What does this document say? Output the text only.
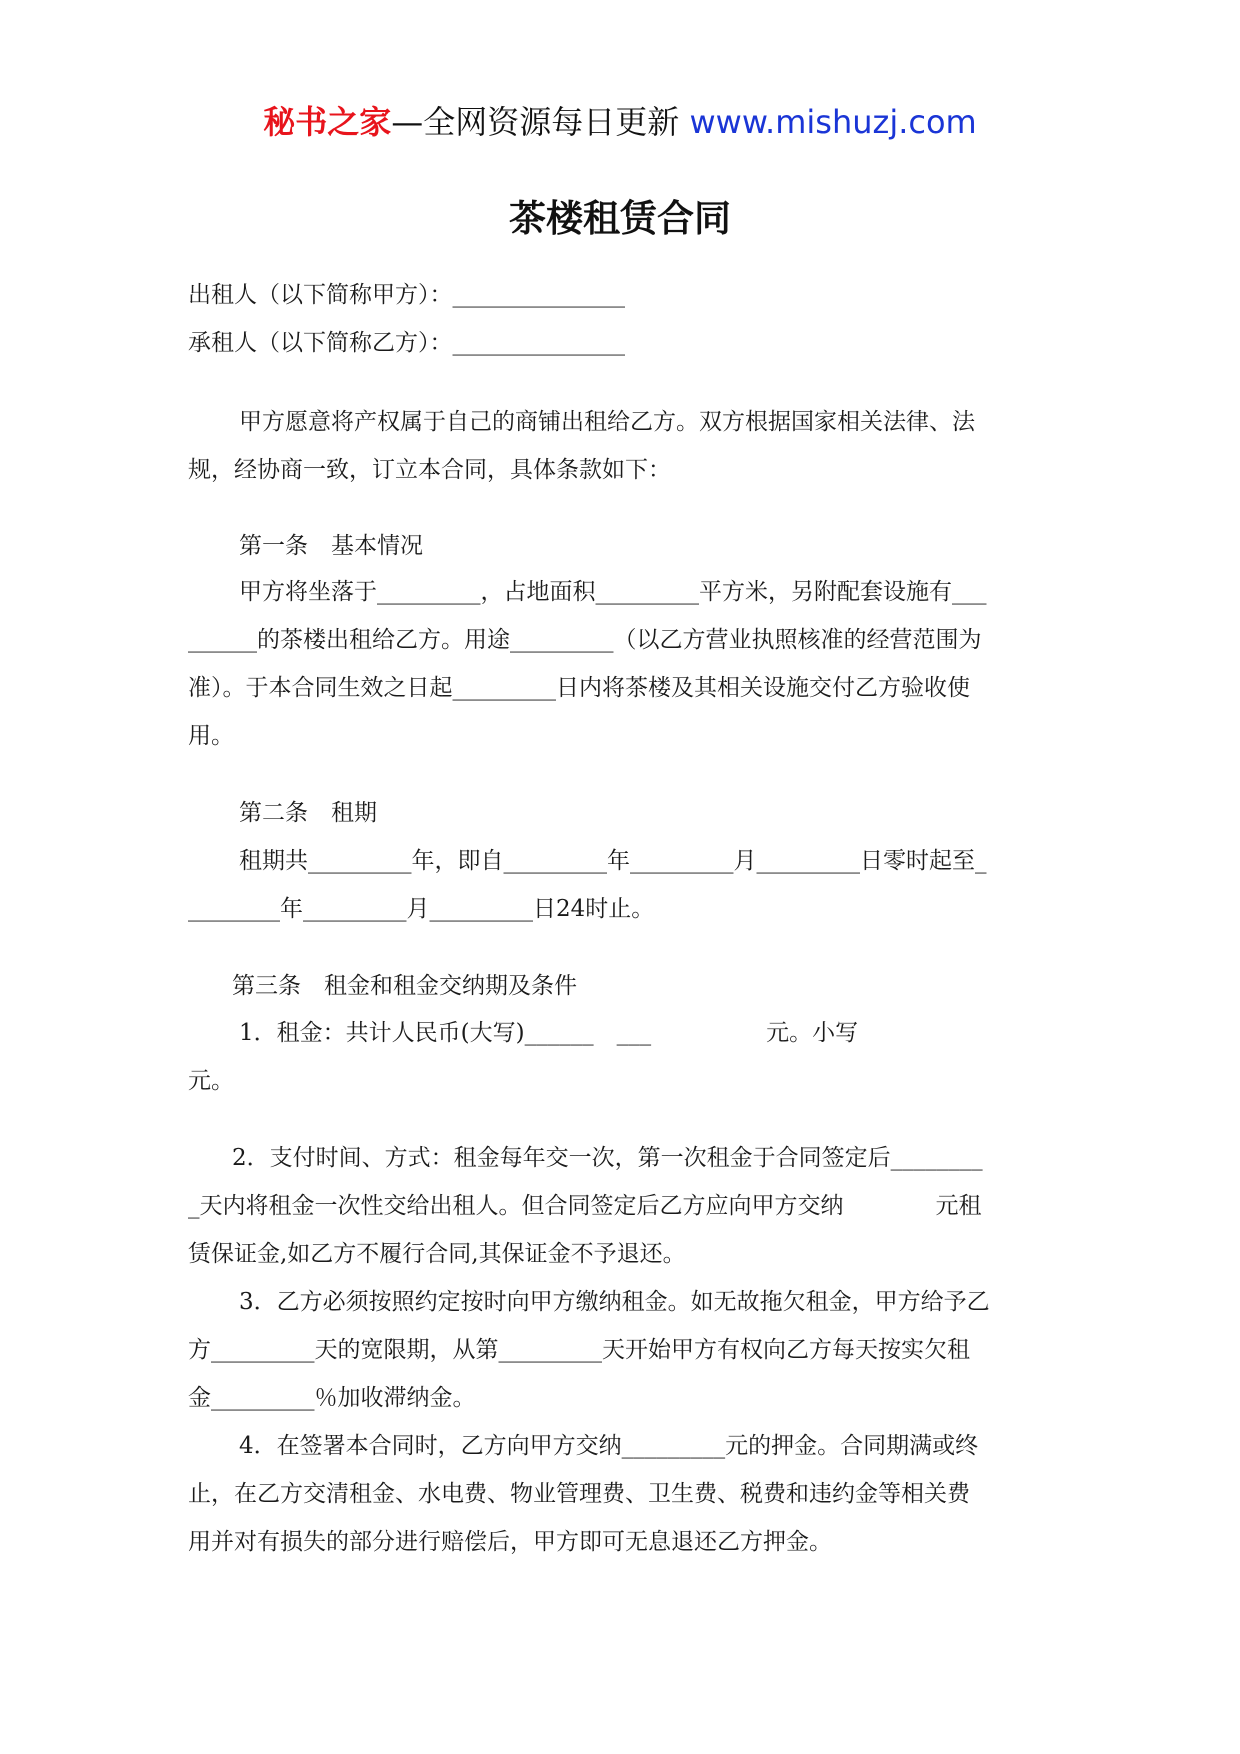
秘书之家—全网资源每日更新 www.mishuzj.com
茶楼租赁合同
出租人（以下简称甲方）：_______________
承租人（以下简称乙方）：_______________
甲方愿意将产权属于自己的商铺出租给乙方。双方根据国家相关法律、法
规，经协商一致，订立本合同，具体条款如下：
第一条　基本情况
甲方将坐落于_________，占地面积_________平方米，另附配套设施有___
______的茶楼出租给乙方。用途_________（以乙方营业执照核准的经营范围为
准）。于本合同生效之日起_________日内将茶楼及其相关设施交付乙方验收使
用。
第二条　租期
租期共_________年，即自_________年_________月_________日零时起至_
________年_________月_________日24时止。
第三条　租金和租金交纳期及条件
1．租金：共计人民币(大写)______　___　　　　　元。小写
元。
2．支付时间、方式：租金每年交一次，第一次租金于合同签定后________
_天内将租金一次性交给出租人。但合同签定后乙方应向甲方交纳　　　　元租
赁保证金,如乙方不履行合同,其保证金不予退还。
3．乙方必须按照约定按时向甲方缴纳租金。如无故拖欠租金，甲方给予乙
方_________天的宽限期，从第_________天开始甲方有权向乙方每天按实欠租
金_________％加收滞纳金。
4．在签署本合同时，乙方向甲方交纳_________元的押金。合同期满或终
止，在乙方交清租金、水电费、物业管理费、卫生费、税费和违约金等相关费
用并对有损失的部分进行赔偿后，甲方即可无息退还乙方押金。
